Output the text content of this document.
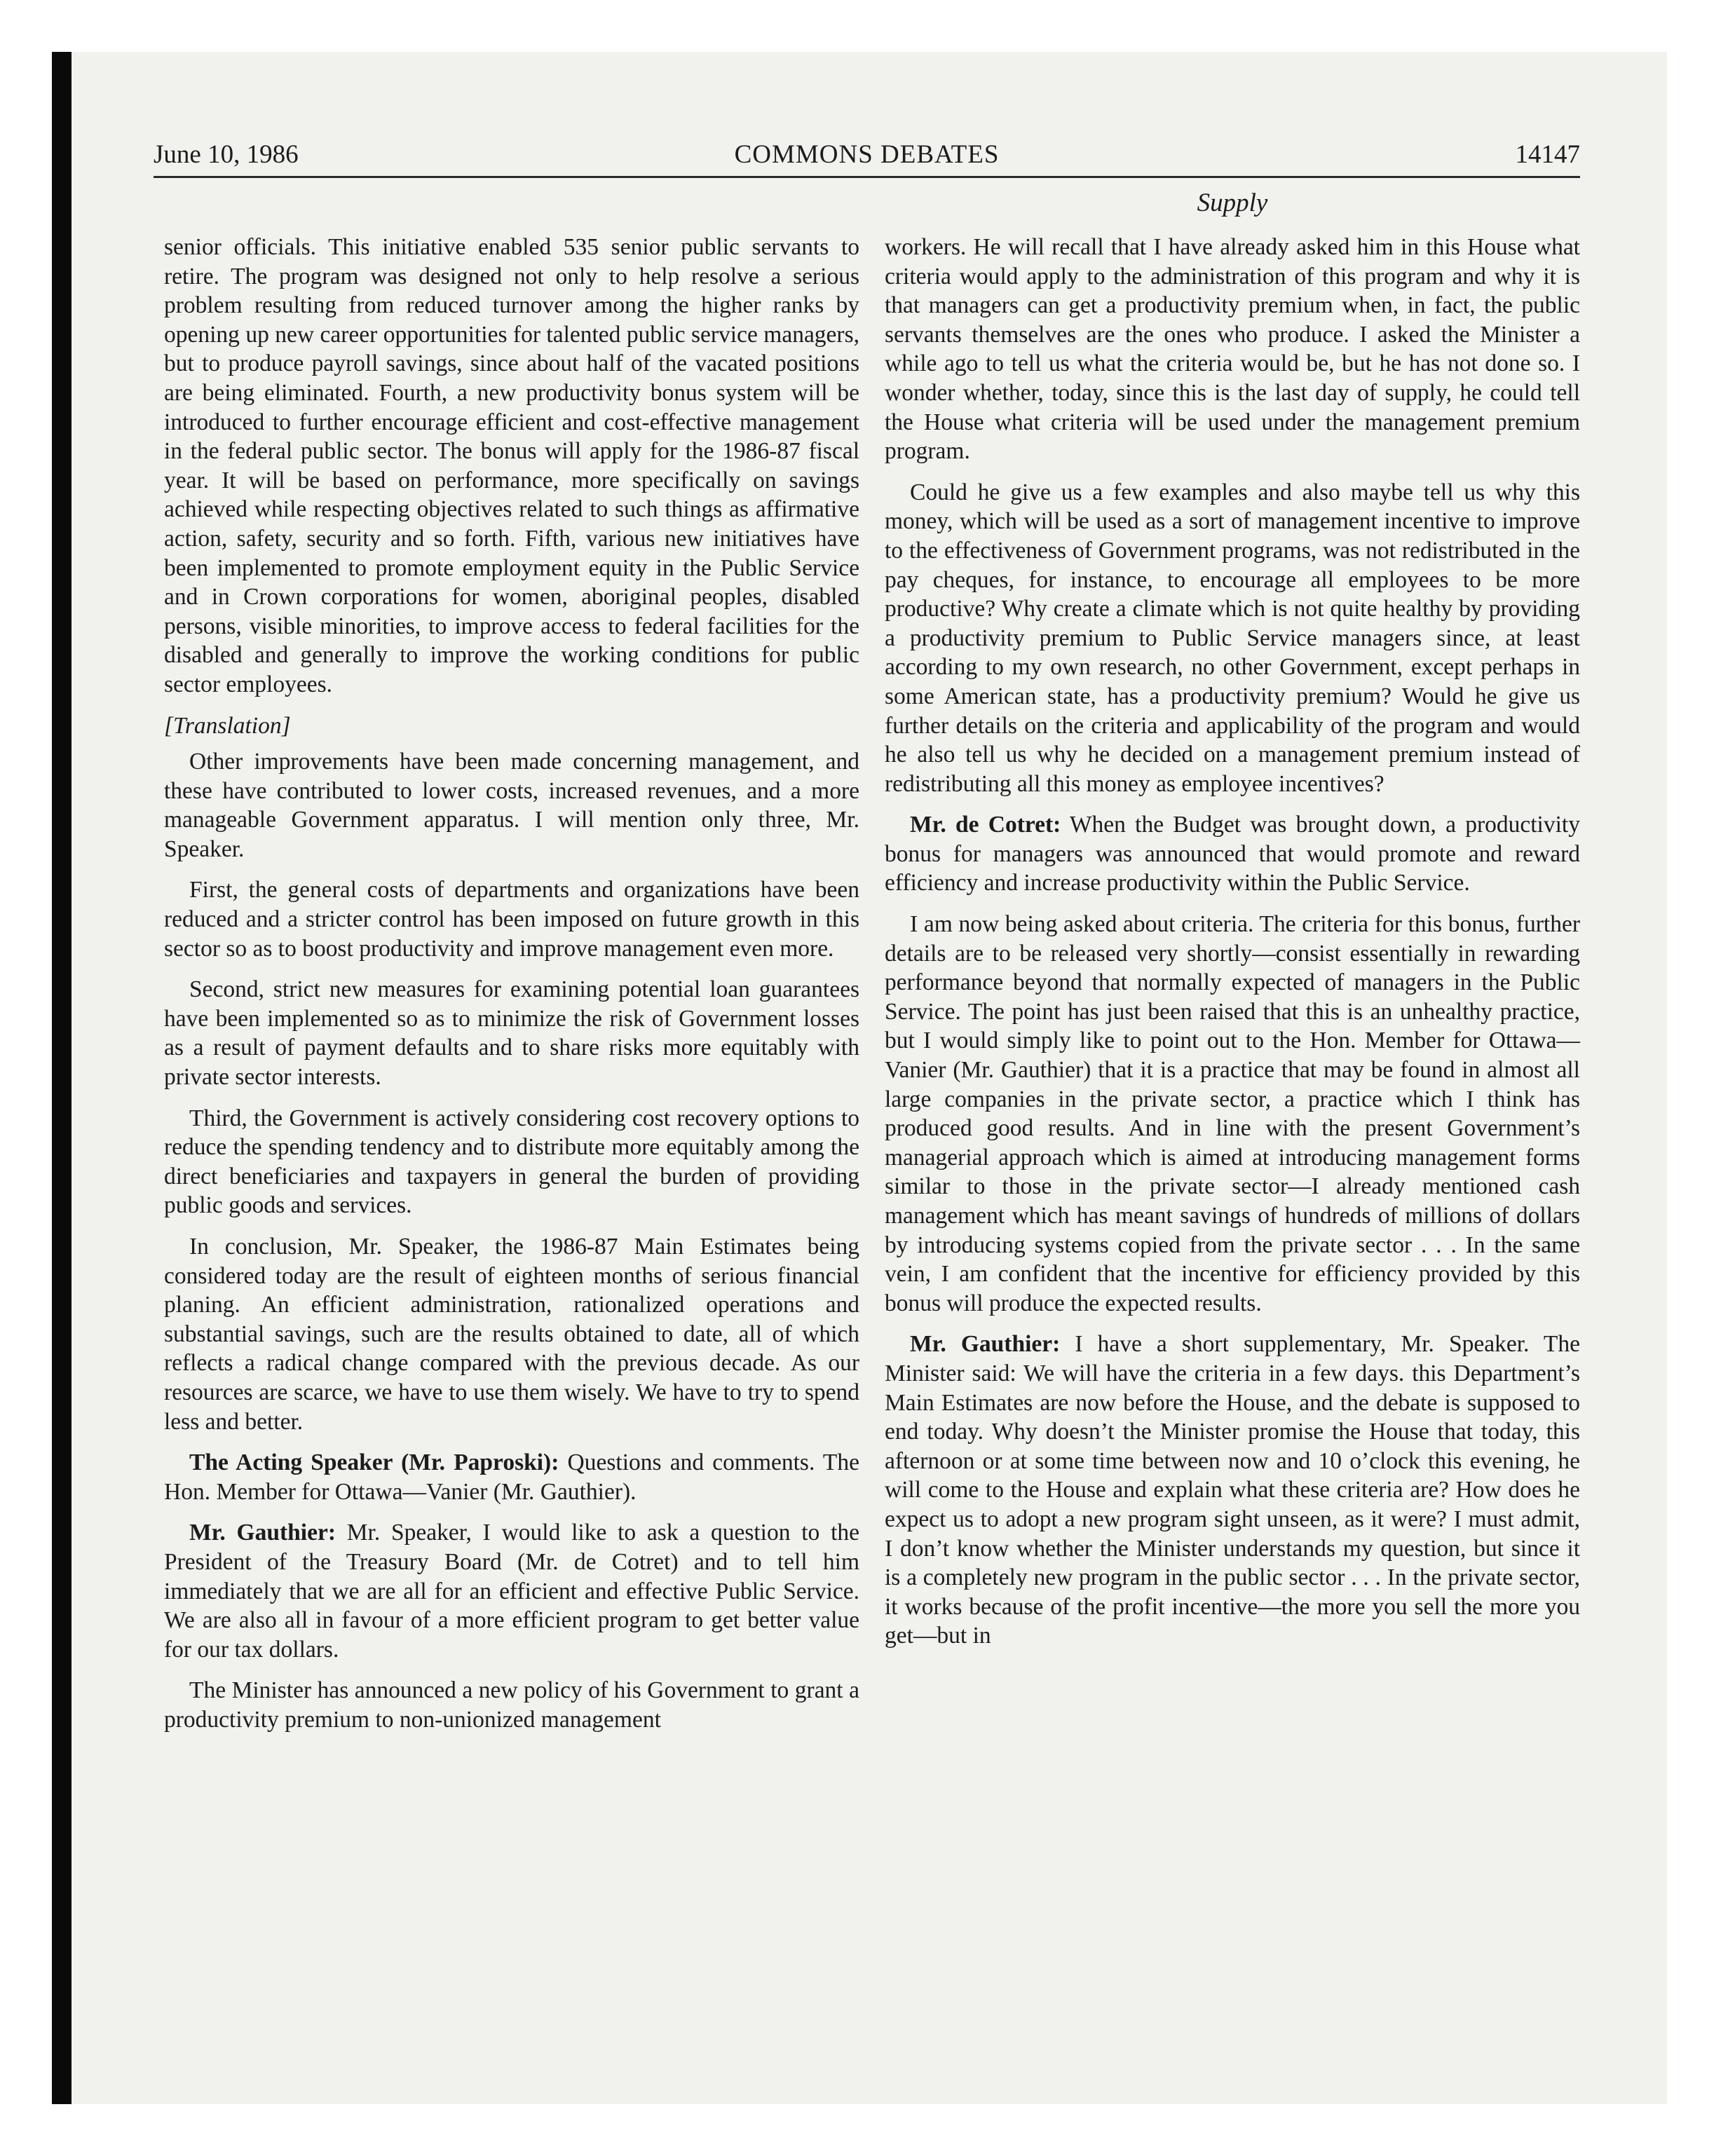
June 10, 1986	COMMONS DEBATES	14147
Supply

senior officials. This initiative enabled 535 senior public servants to retire. The program was designed not only to help resolve a serious problem resulting from reduced turnover among the higher ranks by opening up new career opportunities for talented public service managers, but to produce payroll savings, since about half of the vacated positions are being eliminated. Fourth, a new productivity bonus system will be introduced to further encourage efficient and cost-effective management in the federal public sector. The bonus will apply for the 1986-87 fiscal year. It will be based on performance, more specifically on savings achieved while respecting objectives related to such things as affirmative action, safety, security and so forth. Fifth, various new initiatives have been implemented to promote employment equity in the Public Service and in Crown corporations for women, aboriginal peoples, disabled persons, visible minorities, to improve access to federal facilities for the disabled and generally to improve the working conditions for public sector employees.

[Translation]

Other improvements have been made concerning management, and these have contributed to lower costs, increased revenues, and a more manageable Government apparatus. I will mention only three, Mr. Speaker.

First, the general costs of departments and organizations have been reduced and a stricter control has been imposed on future growth in this sector so as to boost productivity and improve management even more.

Second, strict new measures for examining potential loan guarantees have been implemented so as to minimize the risk of Government losses as a result of payment defaults and to share risks more equitably with private sector interests.

Third, the Government is actively considering cost recovery options to reduce the spending tendency and to distribute more equitably among the direct beneficiaries and taxpayers in general the burden of providing public goods and services.

In conclusion, Mr. Speaker, the 1986-87 Main Estimates being considered today are the result of eighteen months of serious financial planing. An efficient administration, rationalized operations and substantial savings, such are the results obtained to date, all of which reflects a radical change compared with the previous decade. As our resources are scarce, we have to use them wisely. We have to try to spend less and better.

The Acting Speaker (Mr. Paproski): Questions and comments. The Hon. Member for Ottawa—Vanier (Mr. Gauthier).

Mr. Gauthier: Mr. Speaker, I would like to ask a question to the President of the Treasury Board (Mr. de Cotret) and to tell him immediately that we are all for an efficient and effective Public Service. We are also all in favour of a more efficient program to get better value for our tax dollars.

The Minister has announced a new policy of his Government to grant a productivity premium to non-unionized management

workers. He will recall that I have already asked him in this House what criteria would apply to the administration of this program and why it is that managers can get a productivity premium when, in fact, the public servants themselves are the ones who produce. I asked the Minister a while ago to tell us what the criteria would be, but he has not done so. I wonder whether, today, since this is the last day of supply, he could tell the House what criteria will be used under the management premium program.

Could he give us a few examples and also maybe tell us why this money, which will be used as a sort of management incentive to improve to the effectiveness of Government programs, was not redistributed in the pay cheques, for instance, to encourage all employees to be more productive? Why create a climate which is not quite healthy by providing a productivity premium to Public Service managers since, at least according to my own research, no other Government, except perhaps in some American state, has a productivity premium? Would he give us further details on the criteria and applicability of the program and would he also tell us why he decided on a management premium instead of redistributing all this money as employee incentives?

Mr. de Cotret: When the Budget was brought down, a productivity bonus for managers was announced that would promote and reward efficiency and increase productivity within the Public Service.

I am now being asked about criteria. The criteria for this bonus, further details are to be released very shortly—consist essentially in rewarding performance beyond that normally expected of managers in the Public Service. The point has just been raised that this is an unhealthy practice, but I would simply like to point out to the Hon. Member for Ottawa—Vanier (Mr. Gauthier) that it is a practice that may be found in almost all large companies in the private sector, a practice which I think has produced good results. And in line with the present Government’s managerial approach which is aimed at introducing management forms similar to those in the private sector—I already mentioned cash management which has meant savings of hundreds of millions of dollars by introducing systems copied from the private sector . . . In the same vein, I am confident that the incentive for efficiency provided by this bonus will produce the expected results.

Mr. Gauthier: I have a short supplementary, Mr. Speaker. The Minister said: We will have the criteria in a few days. this Department’s Main Estimates are now before the House, and the debate is supposed to end today. Why doesn’t the Minister promise the House that today, this afternoon or at some time between now and 10 o’clock this evening, he will come to the House and explain what these criteria are? How does he expect us to adopt a new program sight unseen, as it were? I must admit, I don’t know whether the Minister understands my question, but since it is a completely new program in the public sector . . . In the private sector, it works because of the profit incentive—the more you sell the more you get—but in
